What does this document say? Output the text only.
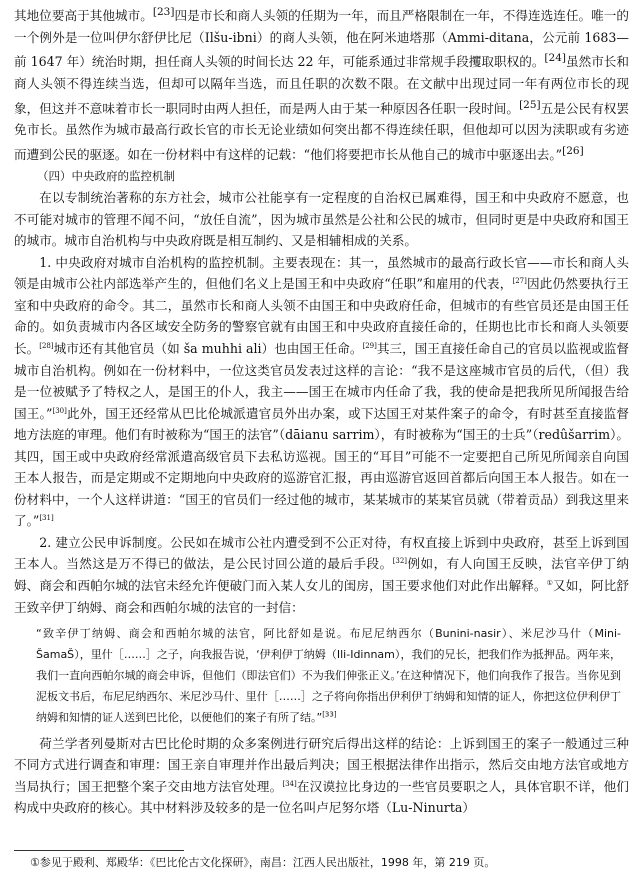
其地位要高于其他城市。[23]四是市长和商人头领的任期为一年，而且严格限制在一年，不得连选连任。唯一的一个例外是一位叫伊尔舒伊比尼（Ilšu-ibni）的商人头领，他在阿米迪塔那（Ammi-ditana，公元前 1683—前 1647 年）统治时期，担任商人头领的时间长达 22 年，可能系通过非常规手段攫取职权的。[24]虽然市长和商人头领不得连续当选，但却可以隔年当选，而且任职的次数不限。在文献中出现过同一年有两位市长的现象，但这并不意味着市长一职同时由两人担任，而是两人由于某一种原因各任职一段时间。[25]五是公民有权罢免市长。虽然作为城市最高行政长官的市长无论业绩如何突出都不得连续任职，但他却可以因为渎职或有劣迹而遭到公民的驱逐。如在一份材料中有这样的记载：“他们将要把市长从他自己的城市中驱逐出去。”[26]

（四）中央政府的监控机制

在以专制统治著称的东方社会，城市公社能享有一定程度的自治权已属难得，国王和中央政府不愿意，也不可能对城市的管理不闻不问，“放任自流”，因为城市虽然是公社和公民的城市，但同时更是中央政府和国王的城市。城市自治机构与中央政府既是相互制约、又是相辅相成的关系。

1. 中央政府对城市自治机构的监控机制。主要表现在：其一，虽然城市的最高行政长官——市长和商人头领是由城市公社内部选举产生的，但他们名义上是国王和中央政府“任职”和雇用的代表，[27]因此仍然要执行王室和中央政府的命令。其二，虽然市长和商人头领不由国王和中央政府任命，但城市的有些官员还是由国王任命的。如负责城市内各区域安全防务的警察官就有由国王和中央政府直接任命的，任期也比市长和商人头领要长。[28]城市还有其他官员（如 ša muhhi ali）也由国王任命。[29]其三，国王直接任命自己的官员以监视或监督城市自治机构。例如在一份材料中，一位这类官员发表过这样的言论：“我不是这座城市官员的后代，（但）我是一位被赋予了特权之人，是国王的仆人，我主——国王在城市内任命了我，我的使命是把我所见所闻报告给国王。”[30]此外，国王还经常从巴比伦城派遣官员外出办案，或下达国王对某件案子的命令，有时甚至直接监督地方法庭的审理。他们有时被称为“国王的法官”（dāianu sarrim），有时被称为“国王的士兵”（redûšarrim）。其四，国王或中央政府经常派遣高级官员下去私访巡视。国王的“耳目”可能不一定要把自己所见所闻亲自向国王本人报告，而是定期或不定期地向中央政府的巡游官汇报，再由巡游官返回首都后向国王本人报告。如在一份材料中，一个人这样讲道：“国王的官员们一经过他的城市，某某城市的某某官员就（带着贡品）到我这里来了。”[31]

2. 建立公民申诉制度。公民如在城市公社内遭受到不公正对待，有权直接上诉到中央政府，甚至上诉到国王本人。当然这是万不得已的做法，是公民讨回公道的最后手段。[32]例如，有人向国王反映，法官辛伊丁纳姆、商会和西帕尔城的法官未经允许便破门而入某人女儿的闺房，国王要求他们对此作出解释。①又如，阿比舒王致辛伊丁纳姆、商会和西帕尔城的法官的一封信：

“致辛伊丁纳姆、商会和西帕尔城的法官，阿比舒如是说。布尼尼纳西尔（Bunini-nasir）、米尼沙马什（Mini-ŠamaŠ），里什［……］之子，向我报告说，‘伊利伊丁纳姆（Ili-Idinnam），我们的兄长，把我们作为抵押品。两年来，我们一直向西帕尔城的商会申诉，但他们（即法官们）不为我们伸张正义。’在这种情况下，他们向我作了报告。当你见到泥板文书后，布尼尼纳西尔、米尼沙马什、里什［……］之子将向你指出伊利伊丁纳姆和知情的证人，你把这位伊利伊丁纳姆和知情的证人送到巴比伦，以便他们的案子有所了结。”[33]

荷兰学者列曼斯对古巴比伦时期的众多案例进行研究后得出这样的结论：上诉到国王的案子一般通过三种不同方式进行调查和审理：国王亲自审理并作出最后判决；国王根据法律作出指示，然后交由地方法官或地方当局执行；国王把整个案子交由地方法官处理。[34]在汉谟拉比身边的一些官员要职之人，具体官职不详，他们构成中央政府的核心。其中材料涉及较多的是一位名叫卢尼努尔塔（Lu-Ninurta）

①参见于殿利、郑殿华：《巴比伦古文化探研》，南昌：江西人民出版社，1998 年，第 219 页。
